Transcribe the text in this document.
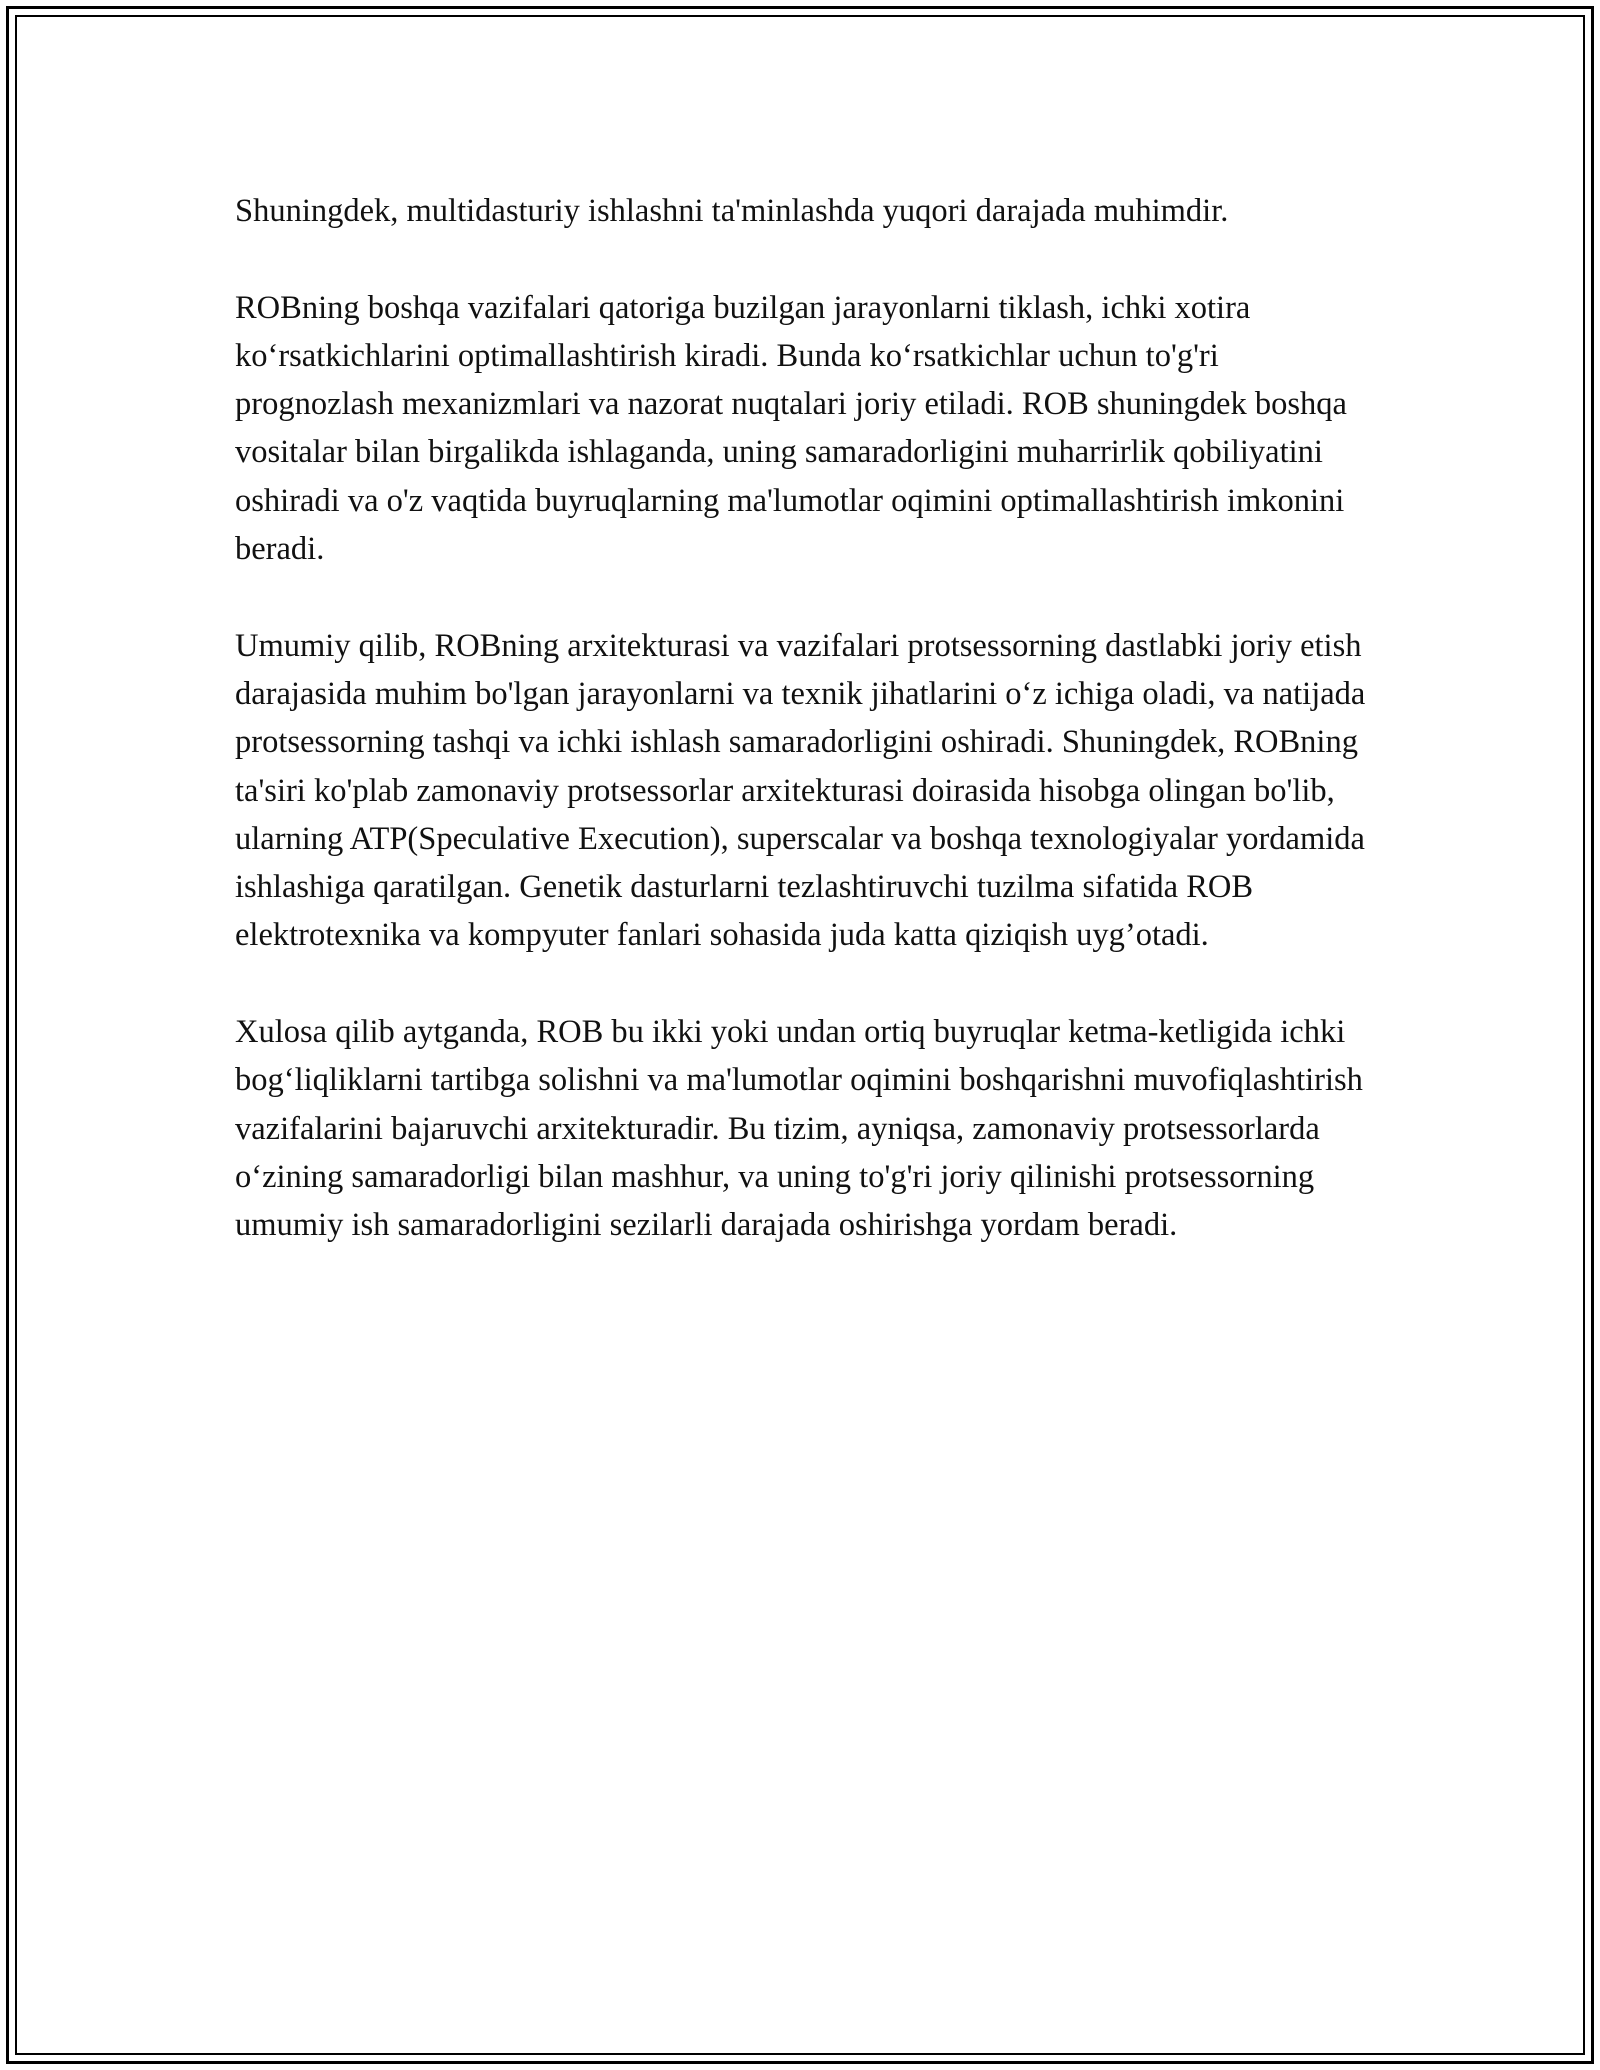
Shuningdek, multidasturiy ishlashni ta'minlashda yuqori darajada muhimdir.

ROBning boshqa vazifalari qatoriga buzilgan jarayonlarni tiklash, ichki xotira koʻrsatkichlarini optimallashtirish kiradi. Bunda koʻrsatkichlar uchun to'g'ri prognozlash mexanizmlari va nazorat nuqtalari joriy etiladi. ROB shuningdek boshqa vositalar bilan birgalikda ishlaganda, uning samaradorligini muharrirlik qobiliyatini oshiradi va o'z vaqtida buyruqlarning ma'lumotlar oqimini optimallashtirish imkonini beradi.

Umumiy qilib, ROBning arxitekturasi va vazifalari protsessorning dastlabki joriy etish darajasida muhim bo'lgan jarayonlarni va texnik jihatlarini oʻz ichiga oladi, va natijada protsessorning tashqi va ichki ishlash samaradorligini oshiradi. Shuningdek, ROBning ta'siri ko'plab zamonaviy protsessorlar arxitekturasi doirasida hisobga olingan bo'lib, ularning ATP(Speculative Execution), superscalar va boshqa texnologiyalar yordamida ishlashiga qaratilgan. Genetik dasturlarni tezlashtiruvchi tuzilma sifatida ROB elektrotexnika va kompyuter fanlari sohasida juda katta qiziqish uyg’otadi.

Xulosa qilib aytganda, ROB bu ikki yoki undan ortiq buyruqlar ketma-ketligida ichki bogʻliqliklarni tartibga solishni va ma'lumotlar oqimini boshqarishni muvofiqlashtirish vazifalarini bajaruvchi arxitekturadir. Bu tizim, ayniqsa, zamonaviy protsessorlarda oʻzining samaradorligi bilan mashhur, va uning to'g'ri joriy qilinishi protsessorning umumiy ish samaradorligini sezilarli darajada oshirishga yordam beradi.
